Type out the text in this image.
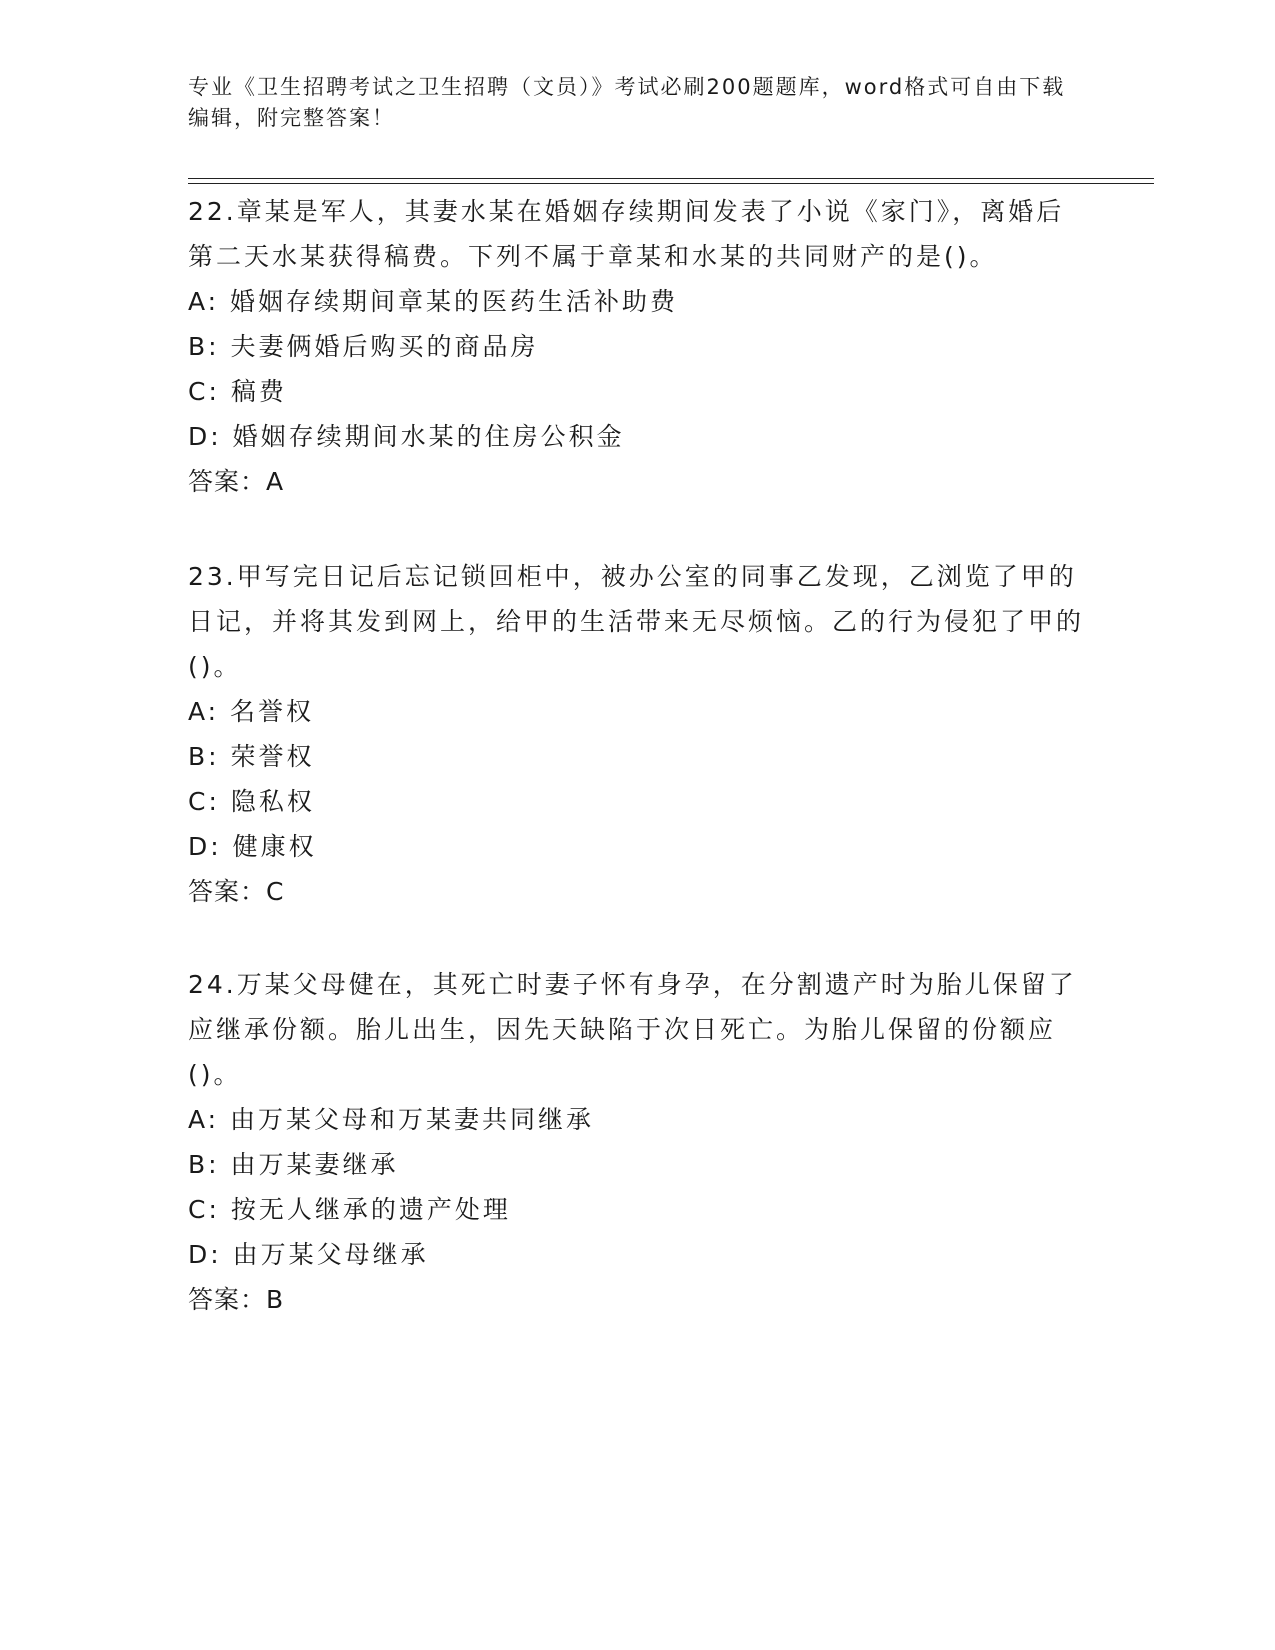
专业《卫生招聘考试之卫生招聘（文员）》考试必刷200题题库，word格式可自由下载编辑，附完整答案！

22.章某是军人，其妻水某在婚姻存续期间发表了小说《家门》，离婚后第二天水某获得稿费。下列不属于章某和水某的共同财产的是()。

A: 婚姻存续期间章某的医药生活补助费

B: 夫妻俩婚后购买的商品房

C: 稿费

D: 婚姻存续期间水某的住房公积金

答案：A

23.甲写完日记后忘记锁回柜中，被办公室的同事乙发现，乙浏览了甲的日记，并将其发到网上，给甲的生活带来无尽烦恼。乙的行为侵犯了甲的()。

A: 名誉权

B: 荣誉权

C: 隐私权

D: 健康权

答案：C

24.万某父母健在，其死亡时妻子怀有身孕，在分割遗产时为胎儿保留了应继承份额。胎儿出生，因先天缺陷于次日死亡。为胎儿保留的份额应()。

A: 由万某父母和万某妻共同继承

B: 由万某妻继承

C: 按无人继承的遗产处理

D: 由万某父母继承

答案：B
